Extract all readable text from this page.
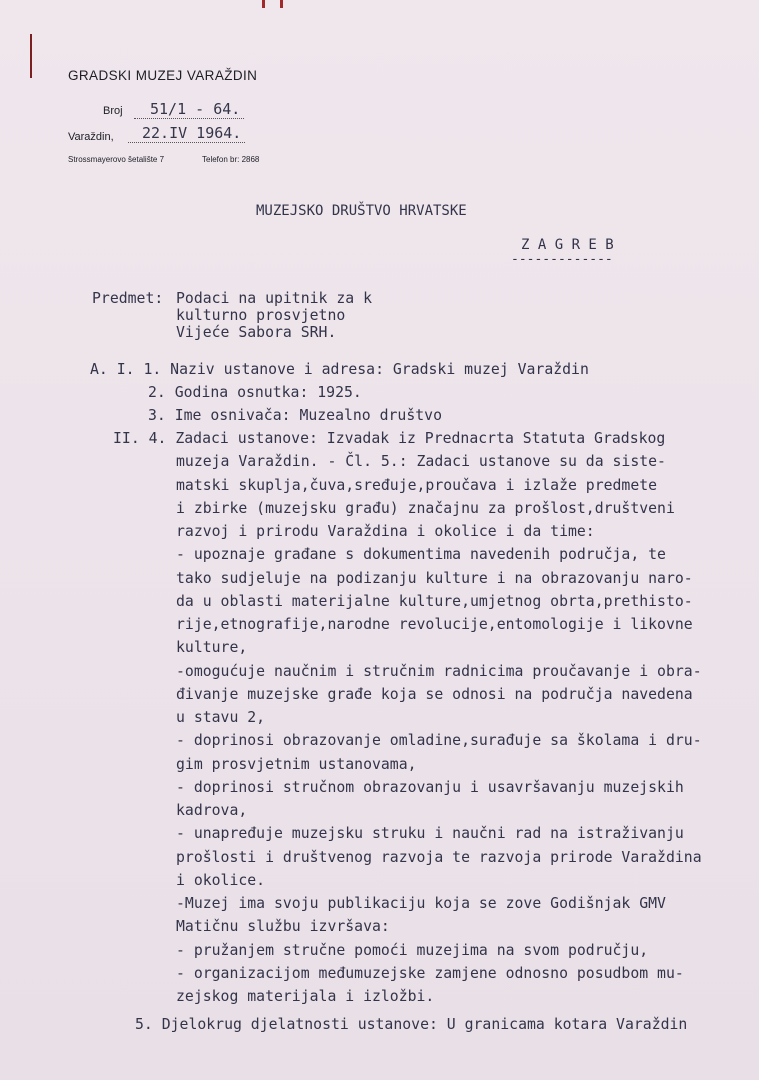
GRADSKI MUZEJ VARAŽDIN
Broj	51/1 - 64.
Varaždin,	22.IV 1964.
Strossmayerovo šetalište 7	Telefon br: 2868
MUZEJSKO DRUŠTVO HRVATSKE
Z A G R E B
-------------
Predmet: Podaci na upitnik za k
kulturno prosvjetno
Vijeće Sabora SRH.
A. I. 1. Naziv ustanove i adresa: Gradski muzej Varaždin
2. Godina osnutka: 1925.
3. Ime osnivača: Muzealno društvo
II. 4. Zadaci ustanove: Izvadak iz Prednacrta Statuta Gradskog
muzeja Varaždin. - Čl. 5.: Zadaci ustanove su da siste-
matski skuplja,čuva,sređuje,proučava i izlaže predmete
i zbirke (muzejsku građu) značajnu za prošlost,društveni
razvoj i prirodu Varaždina i okolice i da time:
- upoznaje građane s dokumentima navedenih područja, te
tako sudjeluje na podizanju kulture i na obrazovanju naro-
da u oblasti materijalne kulture,umjetnog obrta,prethisto-
rije,etnografije,narodne revolucije,entomologije i likovne
kulture,
-omogućuje naučnim i stručnim radnicima proučavanje i obra-
đivanje muzejske građe koja se odnosi na područja navedena
u stavu 2,
- doprinosi obrazovanje omladine,surađuje sa školama i dru-
gim prosvjetnim ustanovama,
- doprinosi stručnom obrazovanju i usavršavanju muzejskih
kadrova,
- unapređuje muzejsku struku i naučni rad na istraživanju
prošlosti i društvenog razvoja te razvoja prirode Varaždina
i okolice.
-Muzej ima svoju publikaciju koja se zove Godišnjak GMV
Matičnu službu izvršava:
- pružanjem stručne pomoći muzejima na svom području,
- organizacijom međumuzejske zamjene odnosno posudbom mu-
zejskog materijala i izložbi.
5. Djelokrug djelatnosti ustanove: U granicama kotara Varaždin
